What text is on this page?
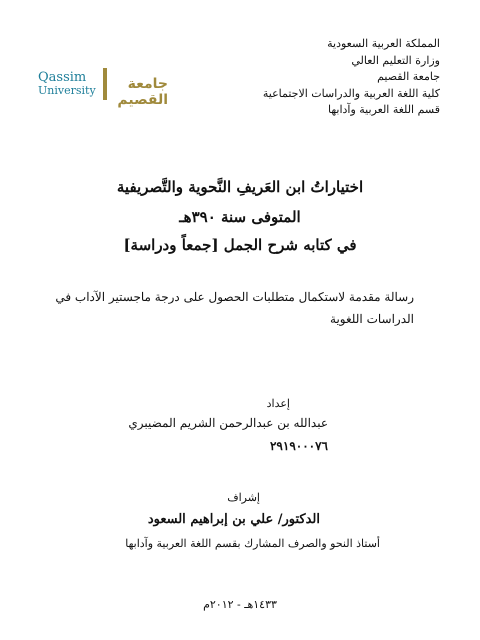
المملكة العربية السعودية
وزارة التعليم العالي
جامعة القصيم
كلية اللغة العربية والدراسات الاجتماعية
قسم اللغة العربية وآدابها
Qassim
University	جامعة القصيم
اختياراتُ ابن العَريفِ النَّحوية والتَّصريفية
المتوفى سنة ٣٩٠هـ
في كتابه شرح الجمل [جمعاً ودراسة]
رسالة مقدمة لاستكمال متطلبات الحصول على درجة ماجستير الآداب في الدراسات اللغوية
إعداد
عبدالله بن عبدالرحمن الشريم المضيبري
٢٩١٩٠٠٠٧٦
إشراف
الدكتور/ علي بن إبراهيم السعود
أستاذ النحو والصرف المشارك بقسم اللغة العربية وآدابها
١٤٣٣هـ - ٢٠١٢م
